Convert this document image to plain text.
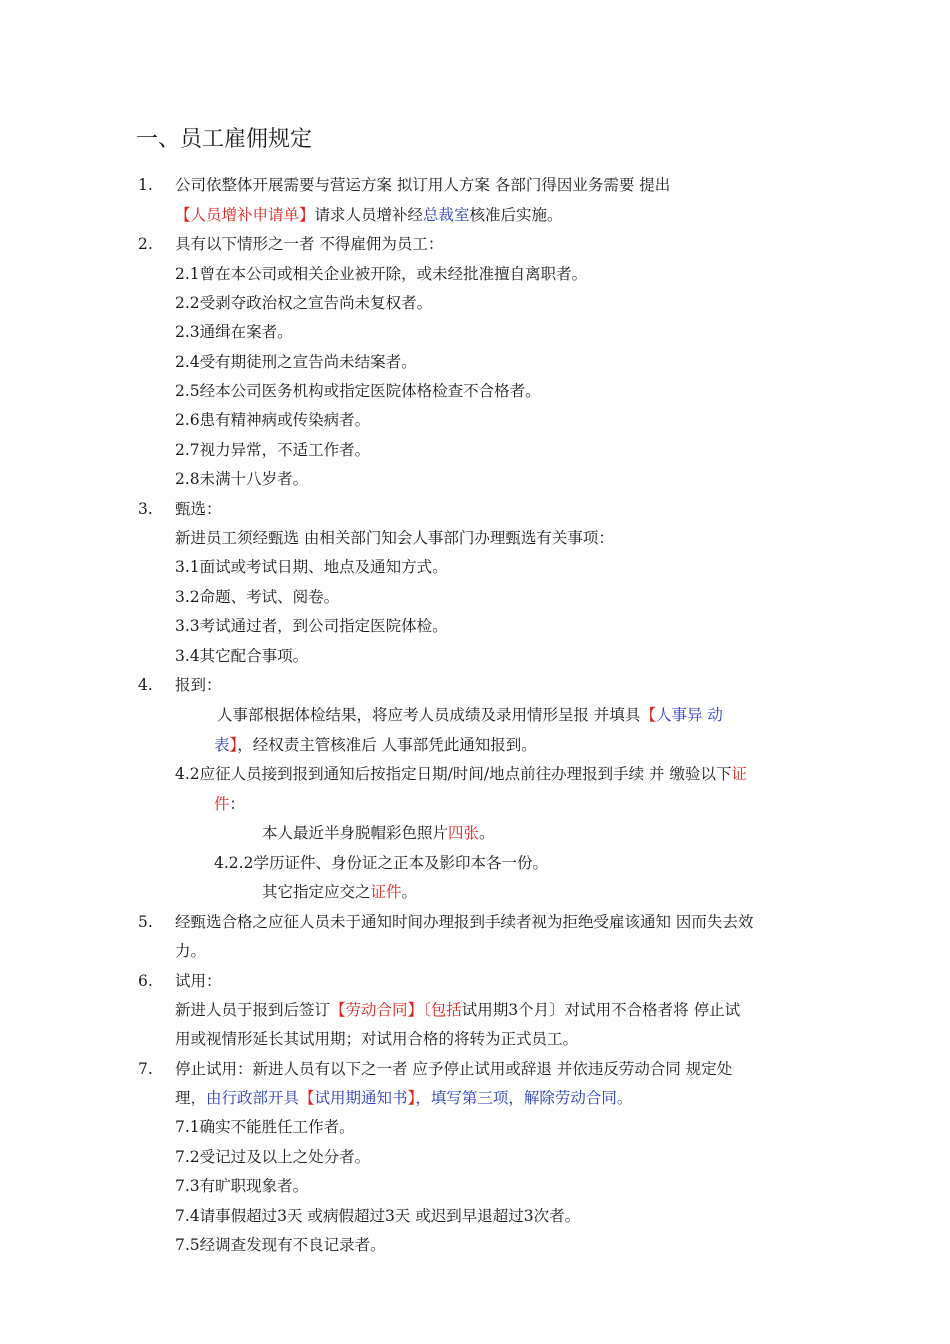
一、员工雇佣规定
1. 公司依整体开展需要与营运方案 拟订用人方案 各部门得因业务需要 提出
【人员增补申请单】请求人员增补经总裁室核准后实施。
2. 具有以下情形之一者 不得雇佣为员工：
2.1曾在本公司或相关企业被开除，或未经批准擅自离职者。
2.2受剥夺政治权之宣告尚未复权者。
2.3通缉在案者。
2.4受有期徒刑之宣告尚未结案者。
2.5经本公司医务机构或指定医院体格检查不合格者。
2.6患有精神病或传染病者。
2.7视力异常，不适工作者。
2.8未满十八岁者。
3. 甄选：
新进员工须经甄选 由相关部门知会人事部门办理甄选有关事项：
3.1面试或考试日期、地点及通知方式。
3.2命题、考试、阅卷。
3.3考试通过者，到公司指定医院体检。
3.4其它配合事项。
4. 报到：
人事部根据体检结果，将应考人员成绩及录用情形呈报 并填具【人事异 动
表】，经权责主管核准后 人事部凭此通知报到。
4.2应征人员接到报到通知后按指定日期/时间/地点前往办理报到手续 并 缴验以下证
件：
本人最近半身脱帽彩色照片四张。
4.2.2学历证件、身份证之正本及影印本各一份。
其它指定应交之证件。
5. 经甄选合格之应征人员未于通知时间办理报到手续者视为拒绝受雇该通知 因而失去效
力。
6. 试用：
新进人员于报到后签订【劳动合同】〔包括试用期3个月〕对试用不合格者将 停止试
用或视情形延长其试用期；对试用合格的将转为正式员工。
7. 停止试用：新进人员有以下之一者 应予停止试用或辞退 并依违反劳动合同 规定处
理，由行政部开具【试用期通知书】，填写第三项，解除劳动合同。
7.1确实不能胜任工作者。
7.2受记过及以上之处分者。
7.3有旷职现象者。
7.4请事假超过3天 或病假超过3天 或迟到早退超过3次者。
7.5经调查发现有不良记录者。
